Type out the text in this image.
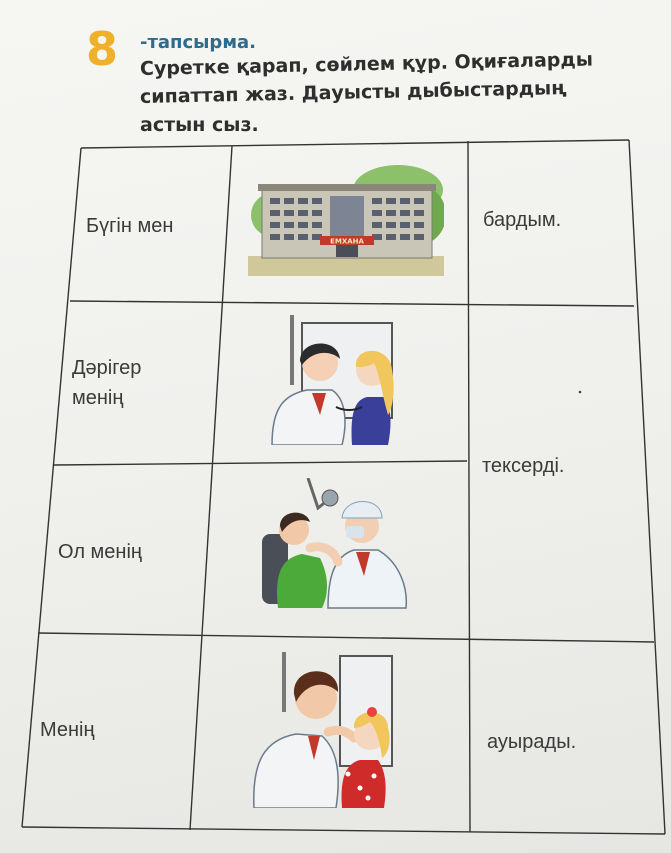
8 -тапсырма.
Суретке қарап, сөйлем құр. Оқиғаларды
сипаттап жаз. Дауысты дыбыстардың
астын сыз.
Бүгін мен	бардым.
ЕМХАНА
Дәрігер
менің
Ол менің
тексерді.
Менің
ауырады.
